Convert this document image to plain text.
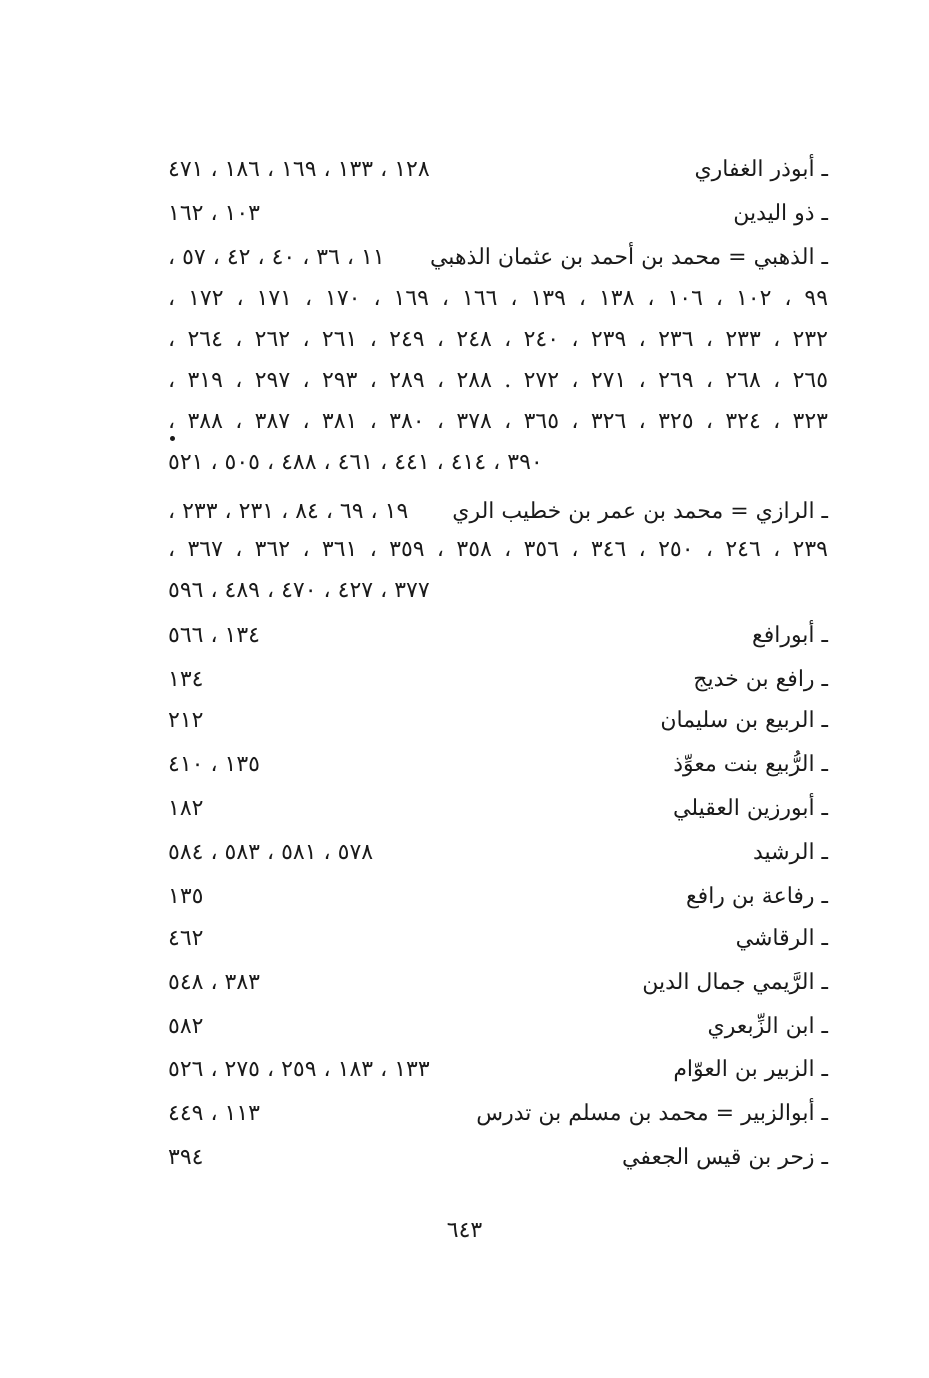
ـ أبوذر الغفاري
١٢٨ ، ١٣٣ ، ١٦٩ ، ١٨٦ ، ٤٧١
ـ ذو اليدين
١٠٣ ، ١٦٢
ـ الذهبي = محمد بن أحمد بن عثمان الذهبي
١١ ، ٣٦ ، ٤٠ ، ٤٢ ، ٥٧ ،
٩٩ ، ١٠٢ ، ١٠٦ ، ١٣٨ ، ١٣٩ ، ١٦٦ ، ١٦٩ ، ١٧٠ ، ١٧١ ، ١٧٢ ،
٢٣٢ ، ٢٣٣ ، ٢٣٦ ، ٢٣٩ ، ٢٤٠ ، ٢٤٨ ، ٢٤٩ ، ٢٦١ ، ٢٦٢ ، ٢٦٤ ،
٢٦٥ ، ٢٦٨ ، ٢٦٩ ، ٢٧١ ، ٢٧٢ . ٢٨٨ ، ٢٨٩ ، ٢٩٣ ، ٢٩٧ ، ٣١٩ ،
٣٢٣ ، ٣٢٤ ، ٣٢٥ ، ٣٢٦ ، ٣٦٥ ، ٣٧٨ ، ٣٨٠ ، ٣٨١ ، ٣٨٧ ، ٣٨٨ ،
٣٩٠ ، ٤١٤ ، ٤٤١ ، ٤٦١ ، ٤٨٨ ، ٥٠٥ ، ٥٢١
ـ الرازي = محمد بن عمر بن خطيب الري
١٩ ، ٦٩ ، ٨٤ ، ٢٣١ ، ٢٣٣ ،
٢٣٩ ، ٢٤٦ ، ٢٥٠ ، ٣٤٦ ، ٣٥٦ ، ٣٥٨ ، ٣٥٩ ، ٣٦١ ، ٣٦٢ ، ٣٦٧ ،
٣٧٧ ، ٤٢٧ ، ٤٧٠ ، ٤٨٩ ، ٥٩٦
ـ أبورافع
١٣٤ ، ٥٦٦
ـ رافع بن خديج
١٣٤
ـ الربيع بن سليمان
٢١٢
ـ الرُّبيع بنت معوِّذ
١٣٥ ، ٤١٠
ـ أبورزين العقيلي
١٨٢
ـ الرشيد
٥٧٨ ، ٥٨١ ، ٥٨٣ ، ٥٨٤
ـ رفاعة بن رافع
١٣٥
ـ الرقاشي
٤٦٢
ـ الرَّيمي جمال الدين
٣٨٣ ، ٥٤٨
ـ ابن الزِّبعري
٥٨٢
ـ الزبير بن العوّام
١٣٣ ، ١٨٣ ، ٢٥٩ ، ٢٧٥ ، ٥٢٦
ـ أبوالزبير = محمد بن مسلم بن تدرس
١١٣ ، ٤٤٩
ـ زحر بن قيس الجعفي
٣٩٤
٦٤٣
